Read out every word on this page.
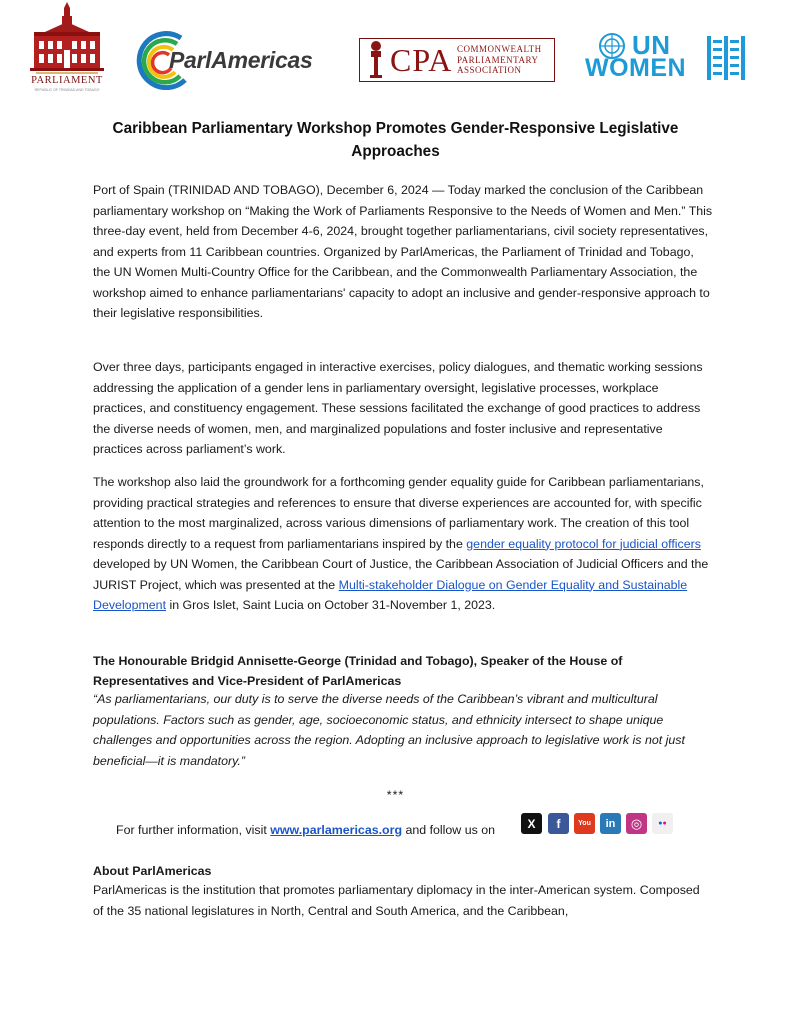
PARLIAMENT
REPUBLIC OF TRINIDAD AND TOBAGO
ParlAmericas CPA COMMONWEALTH
PARLIAMENTARY
ASSOCIATION
UN
WOMEN
Caribbean Parliamentary Workshop Promotes Gender-Responsive Legislative Approaches

Port of Spain (TRINIDAD AND TOBAGO), December 6, 2024 — Today marked the conclusion of the Caribbean parliamentary workshop on “Making the Work of Parliaments Responsive to the Needs of Women and Men.” This three-day event, held from December 4-6, 2024, brought together parliamentarians, civil society representatives, and experts from 11 Caribbean countries. Organized by ParlAmericas, the Parliament of Trinidad and Tobago, the UN Women Multi-Country Office for the Caribbean, and the Commonwealth Parliamentary Association, the workshop aimed to enhance parliamentarians' capacity to adopt an inclusive and gender-responsive approach to their legislative responsibilities.

Over three days, participants engaged in interactive exercises, policy dialogues, and thematic working sessions addressing the application of a gender lens in parliamentary oversight, legislative processes, workplace practices, and constituency engagement. These sessions facilitated the exchange of good practices to address the diverse needs of women, men, and marginalized populations and foster inclusive and representative practices across parliament’s work.

The workshop also laid the groundwork for a forthcoming gender equality guide for Caribbean parliamentarians, providing practical strategies and references to ensure that diverse experiences are accounted for, with specific attention to the most marginalized, across various dimensions of parliamentary work. The creation of this tool responds directly to a request from parliamentarians inspired by the gender equality protocol for judicial officers developed by UN Women, the Caribbean Court of Justice, the Caribbean Association of Judicial Officers and the JURIST Project, which was presented at the Multi-stakeholder Dialogue on Gender Equality and Sustainable Development in Gros Islet, Saint Lucia on October 31-November 1, 2023.

The Honourable Bridgid Annisette-George (Trinidad and Tobago), Speaker of the House of Representatives and Vice-President of ParlAmericas
“As parliamentarians, our duty is to serve the diverse needs of the Caribbean’s vibrant and multicultural populations. Factors such as gender, age, socioeconomic status, and ethnicity intersect to shape unique challenges and opportunities across the region. Adopting an inclusive approach to legislative work is not just beneficial—it is mandatory.”
***
For further information, visit www.parlamericas.org and follow us on	X f	You in ◎ ● ●
About ParlAmericas

ParlAmericas is the institution that promotes parliamentary diplomacy in the inter-American system. Composed of the 35 national legislatures in North, Central and South America, and the Caribbean,
